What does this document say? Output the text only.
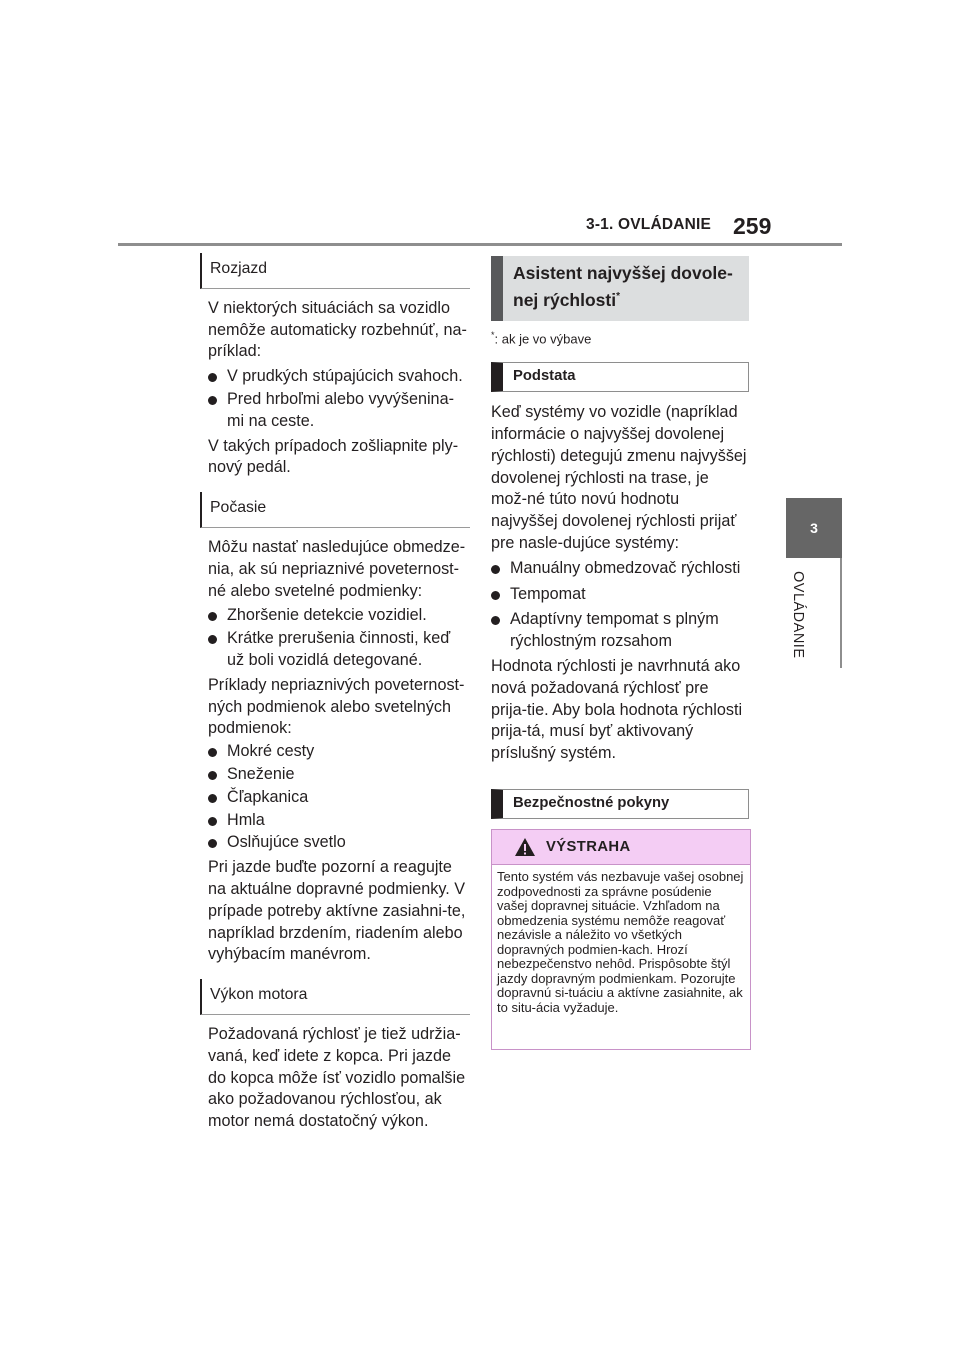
3-1. OVLÁDANIE 259
3
OVLÁDANIE
Rozjazd

V niektorých situáciách sa vozidlo nemôže automaticky rozbehnúť, na-príklad:

V prudkých stúpajúcich svahoch.
Pred hrboľmi alebo vyvýšenina-mi na ceste.

V takých prípadoch zošliapnite ply-nový pedál.

Počasie

Môžu nastať nasledujúce obmedze-nia, ak sú nepriaznivé poveternost-né alebo svetelné podmienky:

Zhoršenie detekcie vozidiel.
Krátke prerušenia činnosti, keď už boli vozidlá detegované.

Príklady nepriaznivých poveternost-ných podmienok alebo svetelných podmienok:

Mokré cesty
Sneženie
Čľapkanica
Hmla
Oslňujúce svetlo

Pri jazde buďte pozorní a reagujte na aktuálne dopravné podmienky. V prípade potreby aktívne zasiahni-te, napríklad brzdením, riadením alebo vyhýbacím manévrom.

Výkon motora

Požadovaná rýchlosť je tiež udržia-vaná, keď idete z kopca. Pri jazde do kopca môže ísť vozidlo pomalšie ako požadovanou rýchlosťou, ak motor nemá dostatočný výkon.

Asistent najvyššej dovole-
nej rýchlosti*
*: ak je vo výbave
Podstata

Keď systémy vo vozidle (napríklad informácie o najvyššej dovolenej rýchlosti) detegujú zmenu najvyššej dovolenej rýchlosti na trase, je mož-né túto novú hodnotu najvyššej dovolenej rýchlosti prijať pre nasle-dujúce systémy:

Manuálny obmedzovač rýchlosti
Tempomat
Adaptívny tempomat s plným rýchlostným rozsahom

Hodnota rýchlosti je navrhnutá ako nová požadovaná rýchlosť pre prija-tie. Aby bola hodnota rýchlosti prija-tá, musí byť aktivovaný príslušný systém.

Bezpečnostné pokyny
VÝSTRAHA
Tento systém vás nezbavuje vašej osobnej zodpovednosti za správne posúdenie vašej dopravnej situácie. Vzhľadom na obmedzenia systému nemôže reagovať nezávisle a náležito vo všetkých dopravných podmien-kach. Hrozí nebezpečenstvo nehôd. Prispôsobte štýl jazdy dopravným podmienkam. Pozorujte dopravnú si-tuáciu a aktívne zasiahnite, ak to situ-ácia vyžaduje.
